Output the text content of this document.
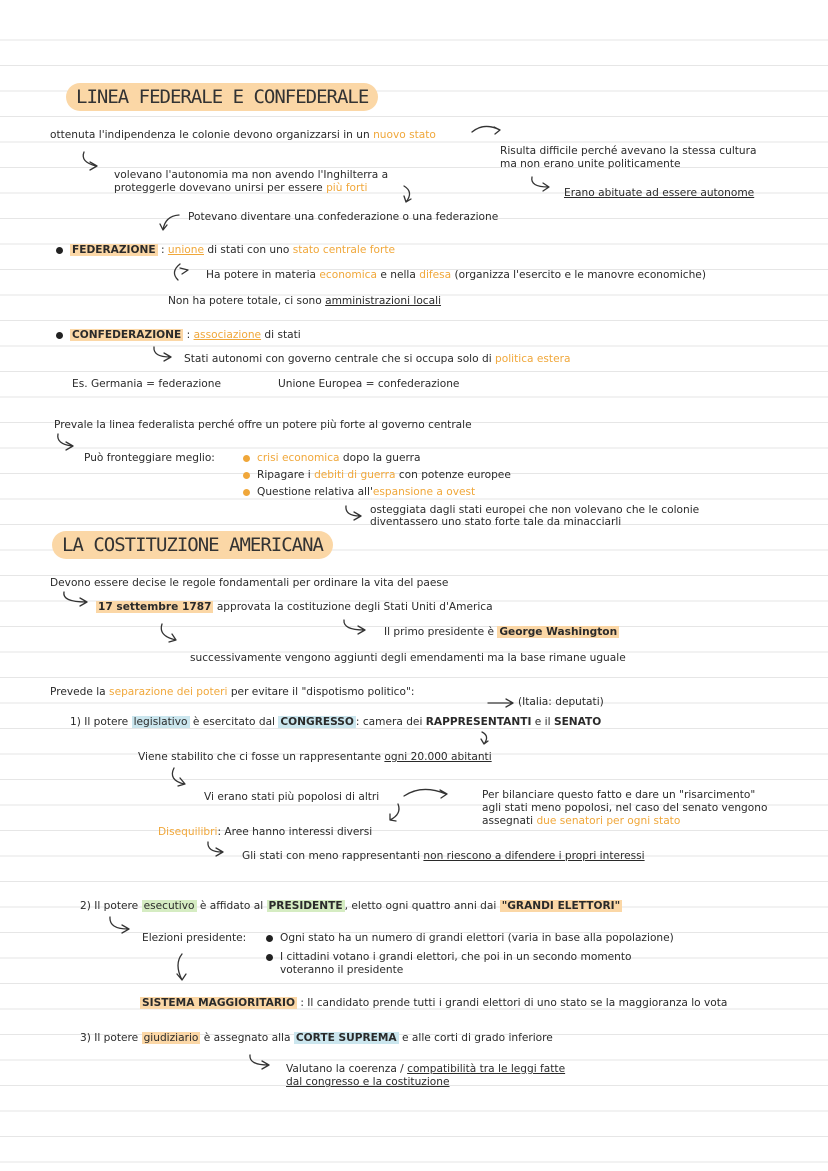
LINEA FEDERALE E CONFEDERALE
ottenuta l'indipendenza le colonie devono organizzarsi in un nuovo stato
Risulta difficile perché avevano la stessa cultura
ma non erano unite politicamente
Erano abituate ad essere autonome
volevano l'autonomia ma non avendo l'Inghilterra a
proteggerle dovevano unirsi per essere più forti
Potevano diventare una confederazione o una federazione
FEDERAZIONE : unione di stati con uno stato centrale forte
Ha potere in materia economica e nella difesa (organizza l'esercito e le manovre economiche)
Non ha potere totale, ci sono amministrazioni locali
CONFEDERAZIONE : associazione di stati
Stati autonomi con governo centrale che si occupa solo di politica estera
Es. Germania = federazione	Unione Europea = confederazione
Prevale la linea federalista perché offre un potere più forte al governo centrale
Può fronteggiare meglio:	crisi economica dopo la guerra
Ripagare i debiti di guerra con potenze europee
Questione relativa all'espansione a ovest
osteggiata dagli stati europei che non volevano che le colonie
diventassero uno stato forte tale da minacciarli
LA COSTITUZIONE AMERICANA
Devono essere decise le regole fondamentali per ordinare la vita del paese
17 settembre 1787 approvata la costituzione degli Stati Uniti d'America
Il primo presidente è George Washington
successivamente vengono aggiunti degli emendamenti ma la base rimane uguale
Prevede la separazione dei poteri per evitare il "dispotismo politico":
(Italia: deputati)
1) Il potere legislativo è esercitato dal CONGRESSO : camera dei RAPPRESENTANTI e il SENATO
Viene stabilito che ci fosse un rappresentante ogni 20.000 abitanti
Vi erano stati più popolosi di altri	Per bilanciare questo fatto e dare un "risarcimento"
agli stati meno popolosi, nel caso del senato vengono
assegnati due senatori per ogni stato
Disequilibri: Aree hanno interessi diversi
Gli stati con meno rappresentanti non riescono a difendere i propri interessi
2) Il potere esecutivo è affidato al PRESIDENTE , eletto ogni quattro anni dai "GRANDI ELETTORI"
Elezioni presidente:	Ogni stato ha un numero di grandi elettori (varia in base alla popolazione)
I cittadini votano i grandi elettori, che poi in un secondo momento
voteranno il presidente
SISTEMA MAGGIORITARIO : Il candidato prende tutti i grandi elettori di uno stato se la maggioranza lo vota
3) Il potere giudiziario è assegnato alla CORTE SUPREMA e alle corti di grado inferiore
Valutano la coerenza / compatibilità tra le leggi fatte
dal congresso e la costituzione
